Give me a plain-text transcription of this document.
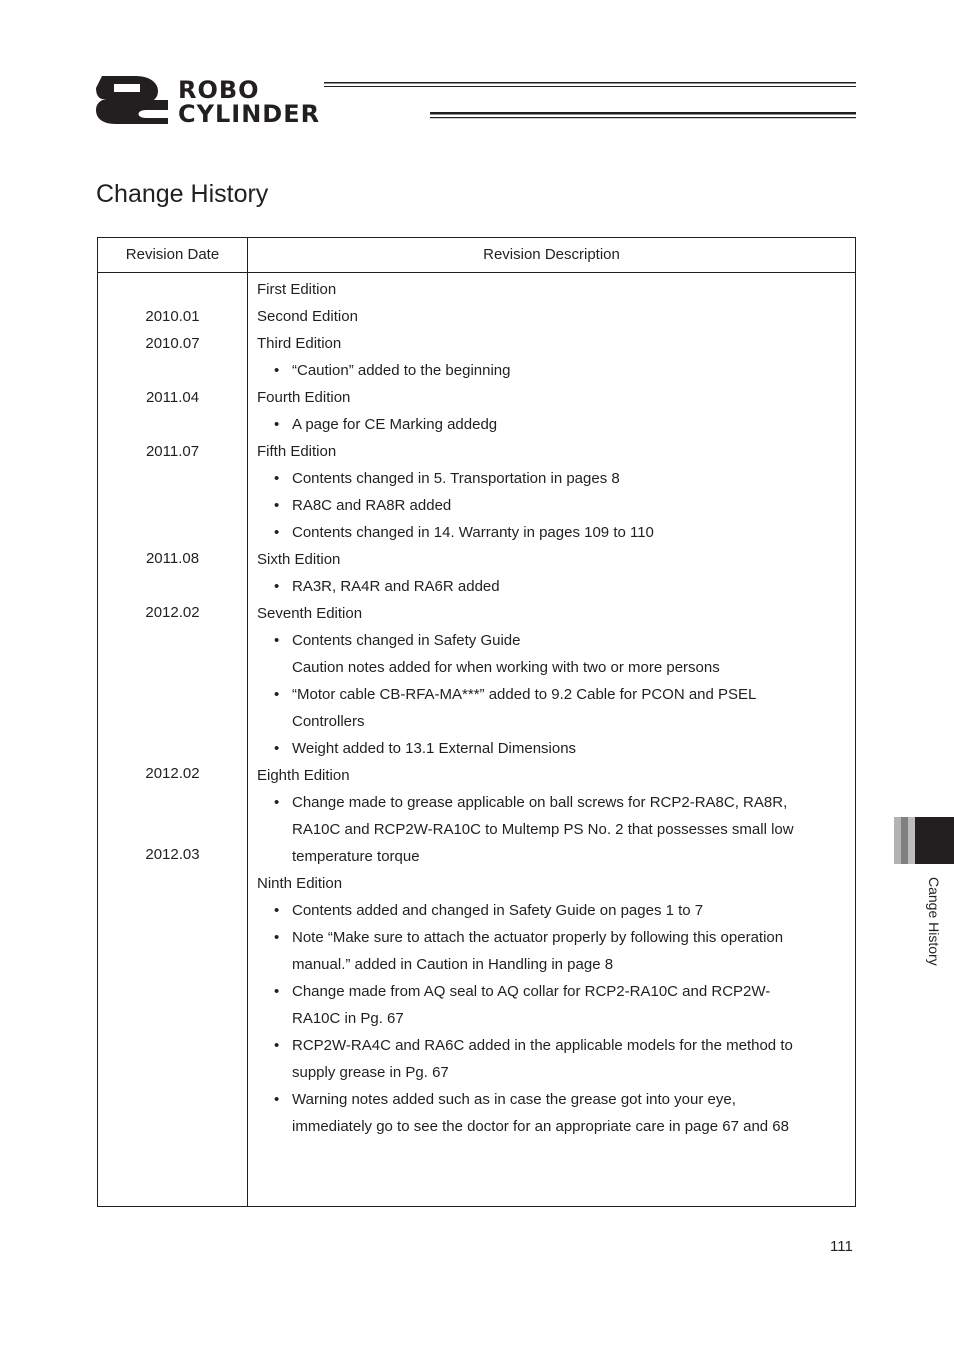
ROBO
CYLINDER
Change History
Revision Date	Revision Description
2010.01
2010.07
2011.04
2011.07
2011.08
2012.02
2012.02
2012.03
First Edition
Second Edition
Third Edition
• “Caution” added to the beginning
Fourth Edition
• A page for CE Marking addedg
Fifth Edition
• Contents changed in 5. Transportation in pages 8
• RA8C and RA8R added
• Contents changed in 14. Warranty in pages 109 to 110
Sixth Edition
• RA3R, RA4R and RA6R added
Seventh Edition
• Contents changed in Safety Guide
Caution notes added for when working with two or more persons
• “Motor cable CB-RFA-MA***” added to 9.2 Cable for PCON and PSEL
Controllers
• Weight added to 13.1 External Dimensions
Eighth Edition
• Change made to grease applicable on ball screws for RCP2-RA8C, RA8R,
RA10C and RCP2W-RA10C to Multemp PS No. 2 that possesses small low
temperature torque
Ninth Edition
• Contents added and changed in Safety Guide on pages 1 to 7
• Note “Make sure to attach the actuator properly by following this operation
manual.” added in Caution in Handling in page 8
• Change made from AQ seal to AQ collar for RCP2-RA10C and RCP2W-
RA10C in Pg. 67
• RCP2W-RA4C and RA6C added in the applicable models for the method to
supply grease in Pg. 67
• Warning notes added such as in case the grease got into your eye,
immediately go to see the doctor for an appropriate care in page 67 and 68
Cange History
111
